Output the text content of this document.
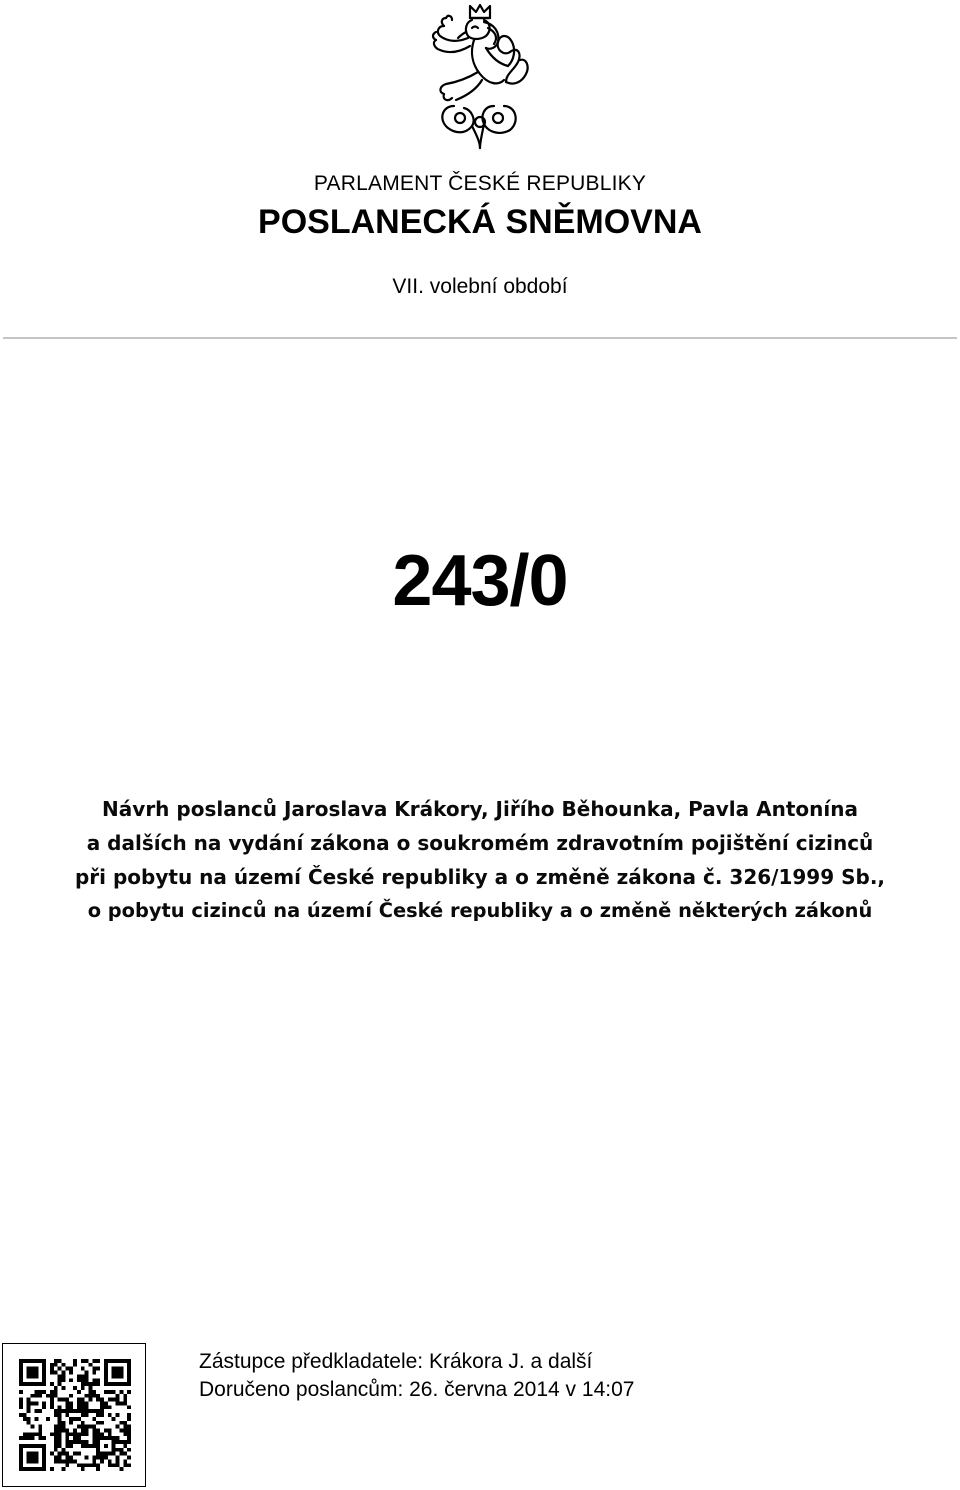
PARLAMENT ČESKÉ REPUBLIKY
POSLANECKÁ SNĚMOVNA
VII. volební období
243/0
Návrh poslanců Jaroslava Krákory, Jiřího Běhounka, Pavla Antonína
a dalších na vydání zákona o soukromém zdravotním pojištění cizinců
při pobytu na území České republiky a o změně zákona č. 326/1999 Sb.,
o pobytu cizinců na území České republiky a o změně některých zákonů
Zástupce předkladatele: Krákora J. a další
Doručeno poslancům: 26. června 2014 v 14:07
